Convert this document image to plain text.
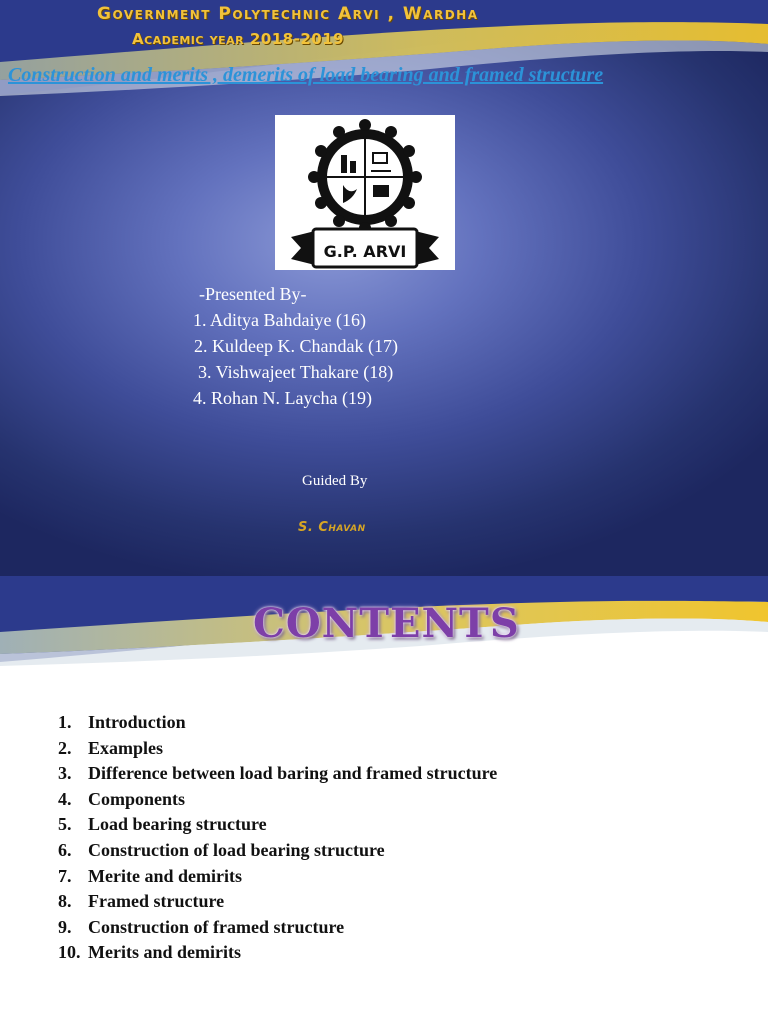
Government Polytechnic Arvi , Wardha
Academic year 2018-2019
Construction and merits , demerits of load bearing and framed structure
G.P. ARVI
-Presented By-
1. Aditya Bahdaiye (16)
2. Kuldeep K. Chandak (17)
3. Vishwajeet Thakare (18)
4. Rohan N. Laycha (19)
Guided By
S. Chavan
CONTENTS
1. Introduction
2. Examples
3. Difference between load baring and framed structure
4. Components
5. Load bearing structure
6. Construction of load bearing structure
7. Merite and demirits
8. Framed structure
9. Construction of framed structure
10. Merits and demirits
